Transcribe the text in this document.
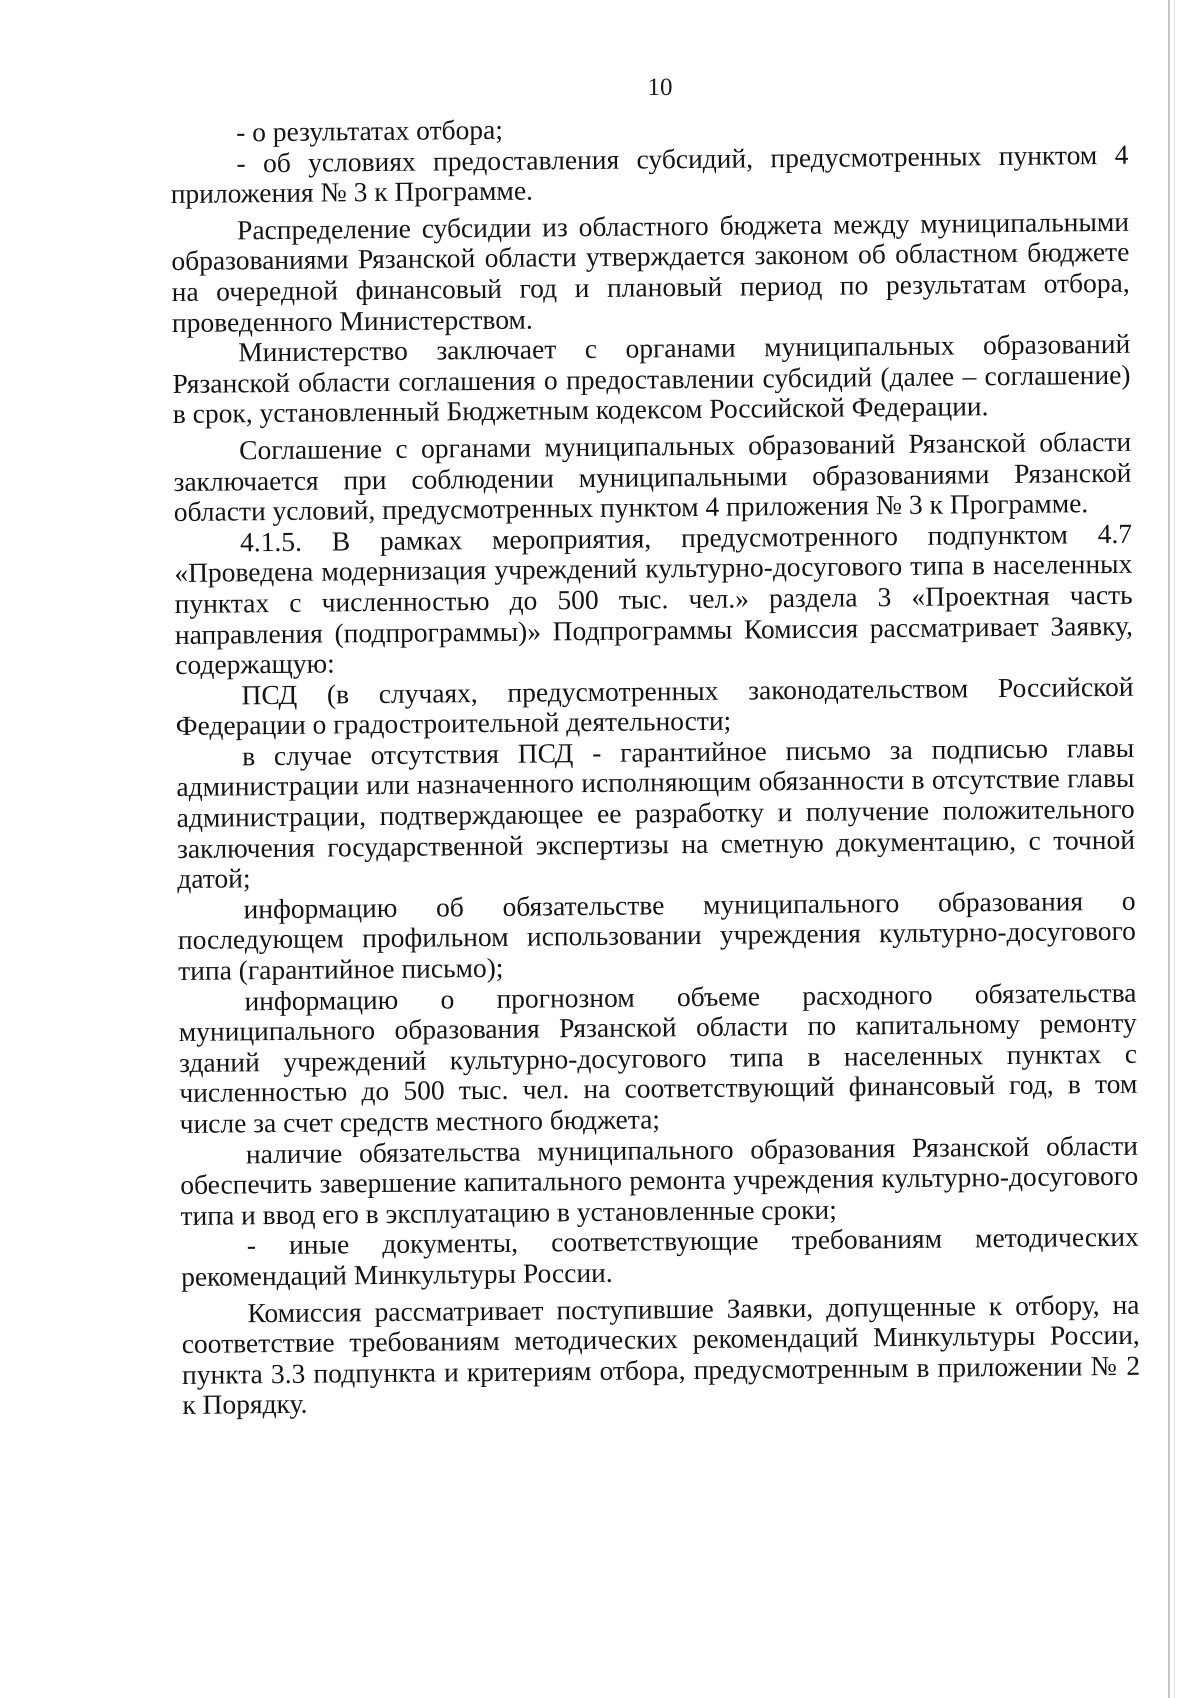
10

- о результатах отбора;

- об условиях предоставления субсидий, предусмотренных пунктом 4 приложения № 3 к Программе.

Распределение субсидии из областного бюджета между муниципальными образованиями Рязанской области утверждается законом об областном бюджете на очередной финансовый год и плановый период по результатам отбора, проведенного Министерством.

Министерство заключает с органами муниципальных образований Рязанской области соглашения о предоставлении субсидий (далее – соглашение) в срок, установленный Бюджетным кодексом Российской Федерации.

Соглашение с органами муниципальных образований Рязанской области заключается при соблюдении муниципальными образованиями Рязанской области условий, предусмотренных пунктом 4 приложения № 3 к Программе.

4.1.5. В рамках мероприятия, предусмотренного подпунктом 4.7 «Проведена модернизация учреждений культурно-досугового типа в населенных пунктах с численностью до 500 тыс. чел.» раздела 3 «Проектная часть направления (подпрограммы)» Подпрограммы Комиссия рассматривает Заявку, содержащую:

ПСД (в случаях, предусмотренных законодательством Российской Федерации о градостроительной деятельности;

в случае отсутствия ПСД - гарантийное письмо за подписью главы администрации или назначенного исполняющим обязанности в отсутствие главы администрации, подтверждающее ее разработку и получение положительного заключения государственной экспертизы на сметную документацию, с точной датой;

информацию об обязательстве муниципального образования о последующем профильном использовании учреждения культурно-досугового типа (гарантийное письмо);

информацию о прогнозном объеме расходного обязательства муниципального образования Рязанской области по капитальному ремонту зданий учреждений культурно-досугового типа в населенных пунктах с численностью до 500 тыс. чел. на соответствующий финансовый год, в том числе за счет средств местного бюджета;

наличие обязательства муниципального образования Рязанской области обеспечить завершение капитального ремонта учреждения культурно-досугового типа и ввод его в эксплуатацию в установленные сроки;

- иные документы, соответствующие требованиям методических рекомендаций Минкультуры России.

Комиссия рассматривает поступившие Заявки, допущенные к отбору, на соответствие требованиям методических рекомендаций Минкультуры России, пункта 3.3 подпункта и критериям отбора, предусмотренным в приложении № 2 к Порядку.
